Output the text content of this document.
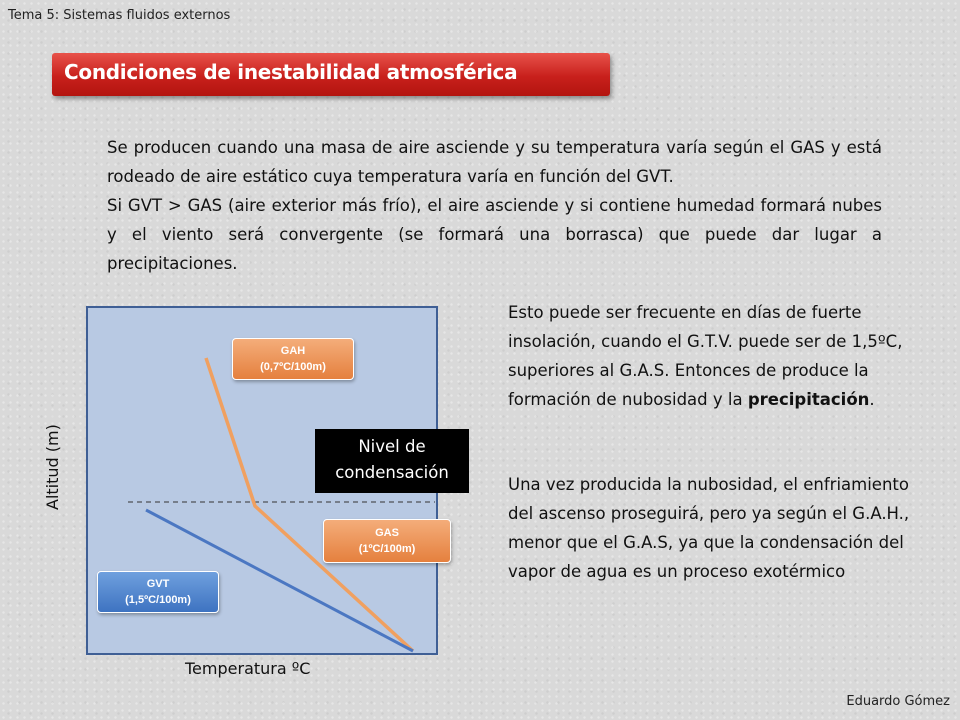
Tema 5: Sistemas fluidos externos
Condiciones de inestabilidad atmosférica

Se producen cuando una masa de aire asciende y su temperatura varía según el GAS y está rodeado de aire estático cuya temperatura varía en función del GVT.

Si GVT > GAS (aire exterior más frío), el aire asciende y si contiene humedad formará nubes y el viento será convergente (se formará una borrasca) que puede dar lugar a precipitaciones.

GAH
(0,7ºC/100m)
GAS
(1ºC/100m)
GVT
(1,5ºC/100m)
Nivel de
condensación
Altitud (m)
Temperatura ºC
Esto puede ser frecuente en días de fuerte insolación, cuando el G.T.V. puede ser de 1,5ºC, superiores al G.A.S. Entonces de produce la formación de nubosidad y la precipitación.
Una vez producida la nubosidad, el enfriamiento del ascenso proseguirá, pero ya según el G.A.H., menor que el G.A.S, ya que la condensación del vapor de agua es un proceso exotérmico
Eduardo Gómez
